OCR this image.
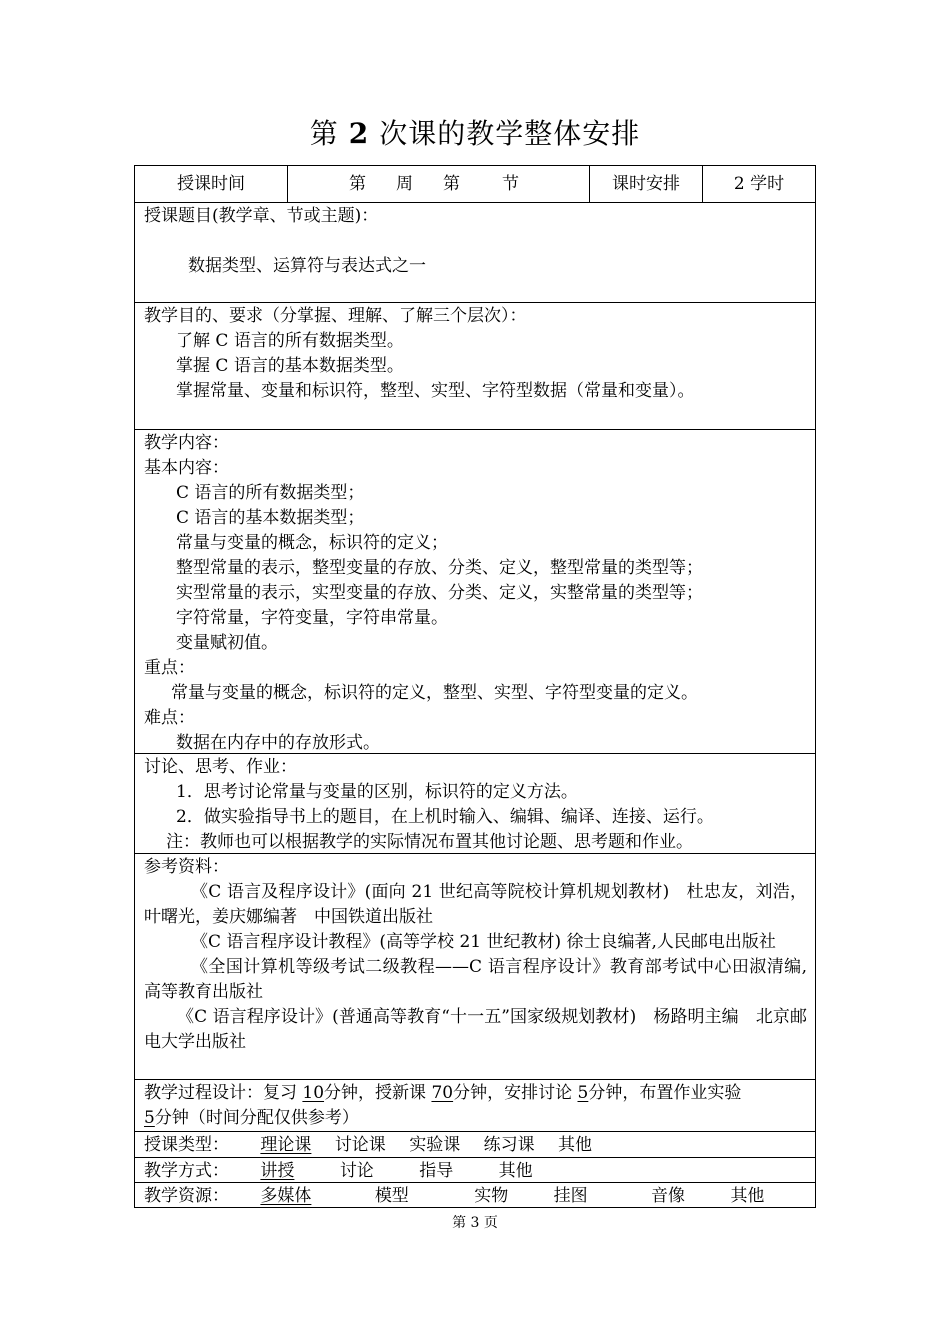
第 2 次课的教学整体安排
授课时间	第 周 第 节	课时安排	2 学时
授课题目(教学章、节或主题)：
数据类型、运算符与表达式之一
教学目的、要求（分掌握、理解、了解三个层次）：
了解 C 语言的所有数据类型。
掌握 C 语言的基本数据类型。
掌握常量、变量和标识符，整型、实型、字符型数据（常量和变量）。
教学内容：
基本内容：
C 语言的所有数据类型；
C 语言的基本数据类型；
常量与变量的概念，标识符的定义；
整型常量的表示，整型变量的存放、分类、定义，整型常量的类型等；
实型常量的表示，实型变量的存放、分类、定义，实整常量的类型等；
字符常量，字符变量，字符串常量。
变量赋初值。
重点：
常量与变量的概念，标识符的定义，整型、实型、字符型变量的定义。
难点：
数据在内存中的存放形式。
讨论、思考、作业：
1．思考讨论常量与变量的区别，标识符的定义方法。
2．做实验指导书上的题目，在上机时输入、编辑、编译、连接、运行。
注：教师也可以根据教学的实际情况布置其他讨论题、思考题和作业。
参考资料：
《C 语言及程序设计》(面向 21 世纪高等院校计算机规划教材)　杜忠友，刘浩，叶曙光，姜庆娜编著　中国铁道出版社
《C 语言程序设计教程》(高等学校 21 世纪教材) 徐士良编著,人民邮电出版社
《全国计算机等级考试二级教程——C 语言程序设计》教育部考试中心田淑清编,高等教育出版社
《C 语言程序设计》(普通高等教育“十一五”国家级规划教材)　杨路明主编　北京邮电大学出版社
教学过程设计：复习 10分钟，授新课 70分钟，安排讨论 5分钟，布置作业实验
5分钟（时间分配仅供参考）
授课类型： 理论课 讨论课 实验课 练习课 其他
教学方式： 讲授	讨论	指导	其他
教学资源： 多媒体	模型	实物	挂图	音像	其他
第 3 页
